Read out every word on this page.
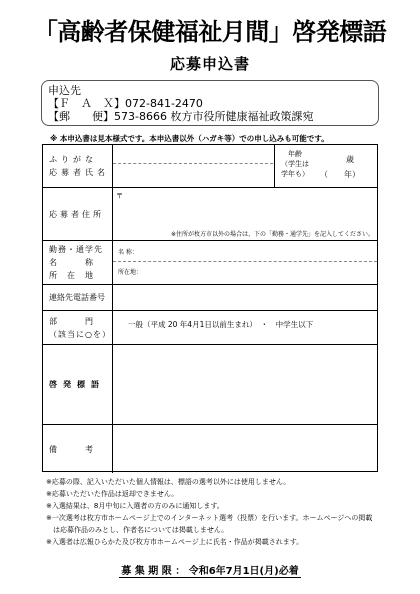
「高齢者保健福祉月間」啓発標語
応募申込書
申込先
【Ｆ　Ａ　Ｘ】072-841-2470
【郵　　便】573-8666 枚方市役所健康福祉政策課宛
※ 本申込書は見本様式です。本申込書以外（ハガキ等）での申し込みも可能です。
ふりがな
応募者氏名
年齢
（学生は
学年も）
歳
（　　年）
応募者住所
〒
※住所が枚方市以外の場合は、下の「勤務・通学先」を記入してください。
勤務・通学先
名　　　称
所　在　地
名 称：
所在地：
連絡先電話番号
部　　　門
（該当に○を）
一般（平成 20 年4月1日以前生まれ）　・　中学生以下
啓発標語
備　　　考
※応募の際、記入いただいた個人情報は、標語の選考以外には使用しません。
※応募いただいた作品は返却できません。
※入選結果は、8月中旬に入選者の方のみに通知します。
※一次選考は枚方市ホームページ上でのインターネット選考（投票）を行います。ホームページへの掲載
　は応募作品のみとし、作者名については掲載しません。
※入選者は広報ひらかた及び枚方市ホームページ上に氏名・作品が掲載されます。
募 集 期 限 ： 令和6年7月1日(月)必着
